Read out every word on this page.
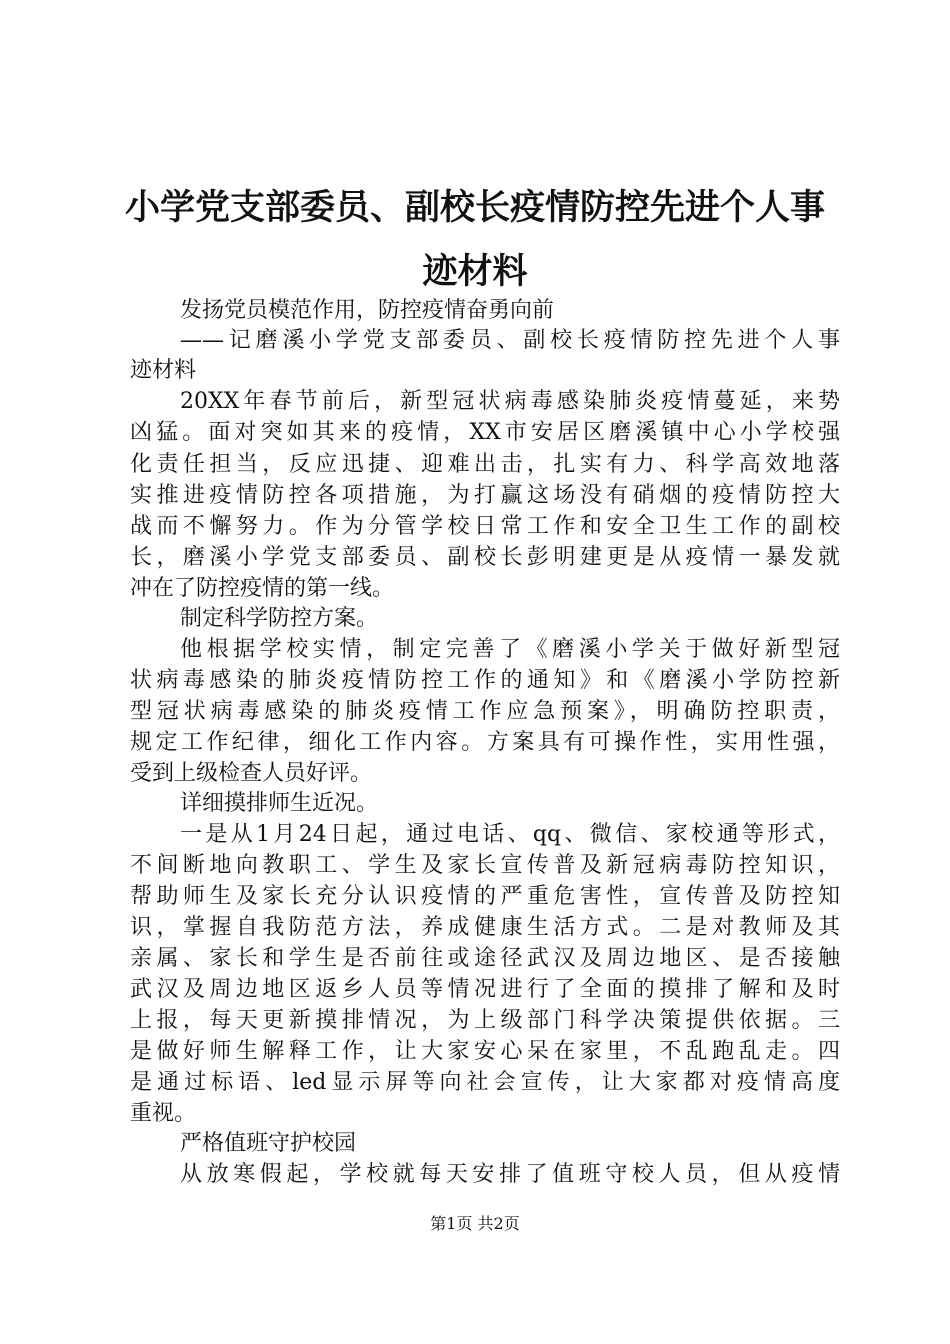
小学党支部委员、副校长疫情防控先进个人事
迹材料
发扬党员模范作用，防控疫情奋勇向前
——记磨溪小学党支部委员、副校长疫情防控先进个人事
迹材料
20XX年春节前后，新型冠状病毒感染肺炎疫情蔓延，来势
凶猛。面对突如其来的疫情，XX市安居区磨溪镇中心小学校强
化责任担当，反应迅捷、迎难出击，扎实有力、科学高效地落
实推进疫情防控各项措施，为打赢这场没有硝烟的疫情防控大
战而不懈努力。作为分管学校日常工作和安全卫生工作的副校
长，磨溪小学党支部委员、副校长彭明建更是从疫情一暴发就
冲在了防控疫情的第一线。
制定科学防控方案。
他根据学校实情，制定完善了《磨溪小学关于做好新型冠
状病毒感染的肺炎疫情防控工作的通知》和《磨溪小学防控新
型冠状病毒感染的肺炎疫情工作应急预案》，明确防控职责，
规定工作纪律，细化工作内容。方案具有可操作性，实用性强，
受到上级检查人员好评。
详细摸排师生近况。
一是从1月24日起，通过电话、qq、微信、家校通等形式，
不间断地向教职工、学生及家长宣传普及新冠病毒防控知识，
帮助师生及家长充分认识疫情的严重危害性，宣传普及防控知
识，掌握自我防范方法，养成健康生活方式。二是对教师及其
亲属、家长和学生是否前往或途径武汉及周边地区、是否接触
武汉及周边地区返乡人员等情况进行了全面的摸排了解和及时
上报，每天更新摸排情况，为上级部门科学决策提供依据。三
是做好师生解释工作，让大家安心呆在家里，不乱跑乱走。四
是通过标语、led显示屏等向社会宣传，让大家都对疫情高度
重视。
严格值班守护校园
从放寒假起，学校就每天安排了值班守校人员，但从疫情
第1页 共2页
